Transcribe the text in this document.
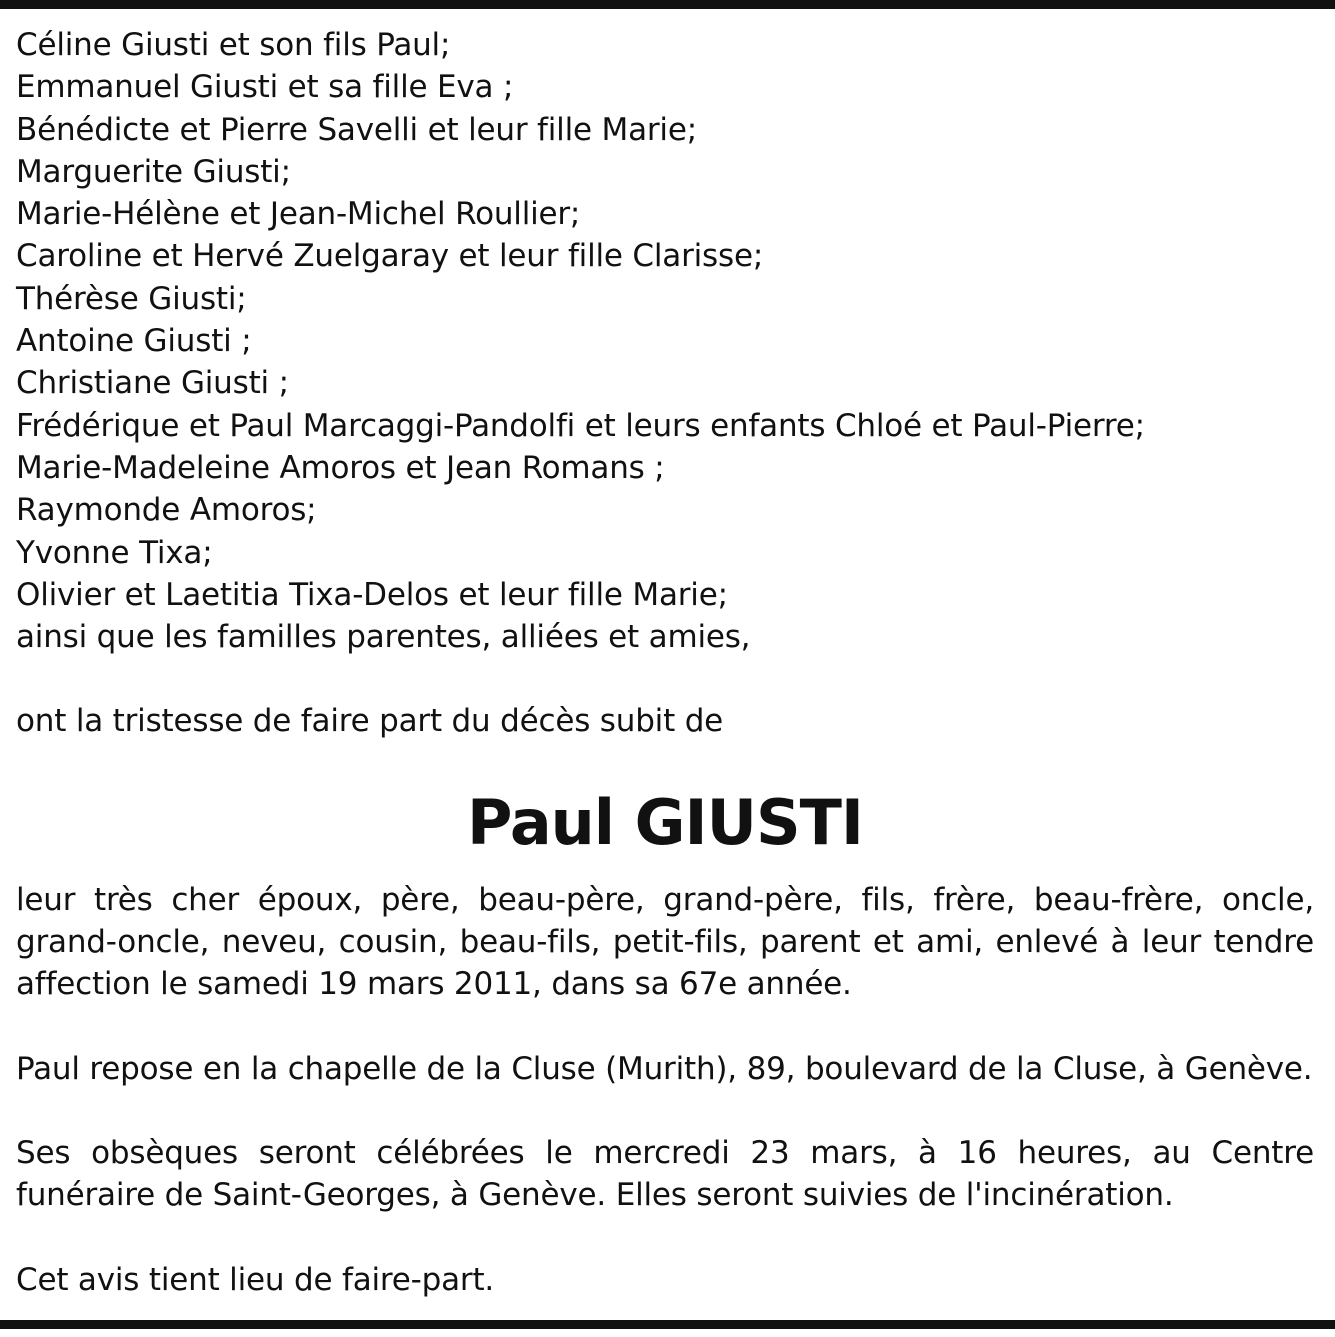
Céline Giusti et son fils Paul;
Emmanuel Giusti et sa fille Eva ;
Bénédicte et Pierre Savelli et leur fille Marie;
Marguerite Giusti;
Marie-Hélène et Jean-Michel Roullier;
Caroline et Hervé Zuelgaray et leur fille Clarisse;
Thérèse Giusti;
Antoine Giusti ;
Christiane Giusti ;
Frédérique et Paul Marcaggi-Pandolfi et leurs enfants Chloé et Paul-Pierre;
Marie-Madeleine Amoros et Jean Romans ;
Raymonde Amoros;
Yvonne Tixa;
Olivier et Laetitia Tixa-Delos et leur fille Marie;
ainsi que les familles parentes, alliées et amies,
ont la tristesse de faire part du décès subit de
Paul GIUSTI
leur très cher époux, père, beau-père, grand-père, fils, frère, beau-frère, oncle, grand-oncle, neveu, cousin, beau-fils, petit-fils, parent et ami, enlevé à leur tendre affection le samedi 19 mars 2011, dans sa 67e année.
Paul repose en la chapelle de la Cluse (Murith), 89, boulevard de la Cluse, à Genève.
Ses obsèques seront célébrées le mercredi 23 mars, à 16 heures, au Centre funéraire de Saint-Georges, à Genève. Elles seront suivies de l'incinération.
Cet avis tient lieu de faire-part.
